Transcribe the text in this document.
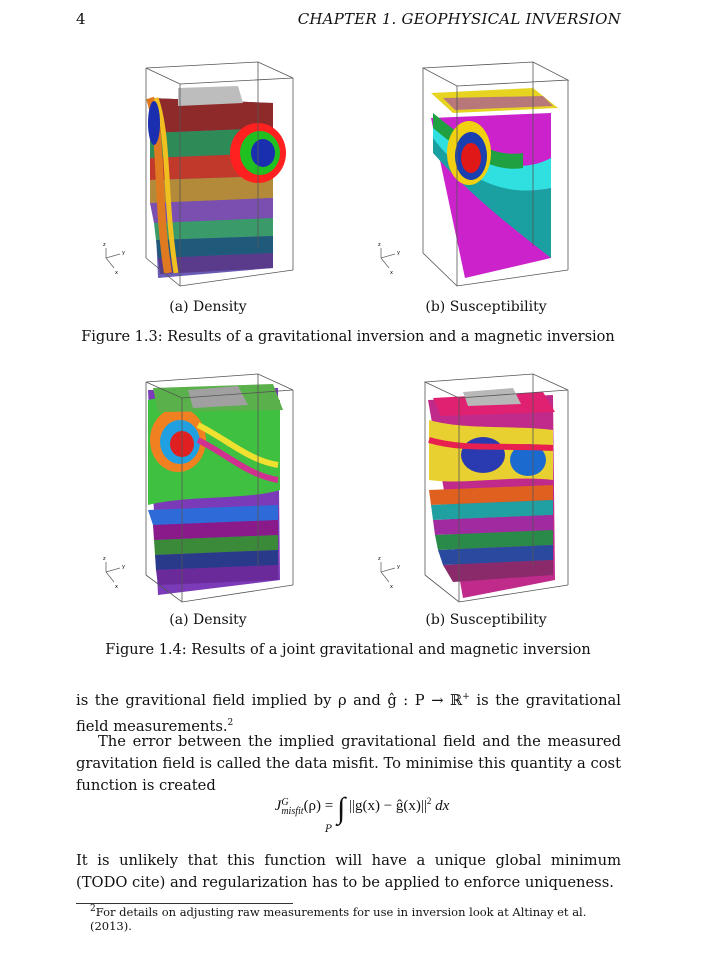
4	CHAPTER 1. GEOPHYSICAL INVERSION
z
y
x
z
y
x
(a) Density	(b) Susceptibility
Figure 1.3: Results of a gravitational inversion and a magnetic inversion
z
y
x
z
y
x
(a) Density	(b) Susceptibility
Figure 1.4: Results of a joint gravitational and magnetic inversion
is the gravitional field implied by ρ and ĝ : P → ℝ+ is the gravitational field measurements.$^2$
The error between the implied gravitational field and the measured gravitation field is called the data misfit. To minimise this quantity a cost function is created
JG
misfit(ρ) = ∫ $||g(x) - ĝ(x)||^2$ dx
P
It is unlikely that this function will have a unique global minimum (TODO cite) and regularization has to be applied to enforce uniqueness.
$^2$For details on adjusting raw measurements for use in inversion look at Altinay et al. (2013).
